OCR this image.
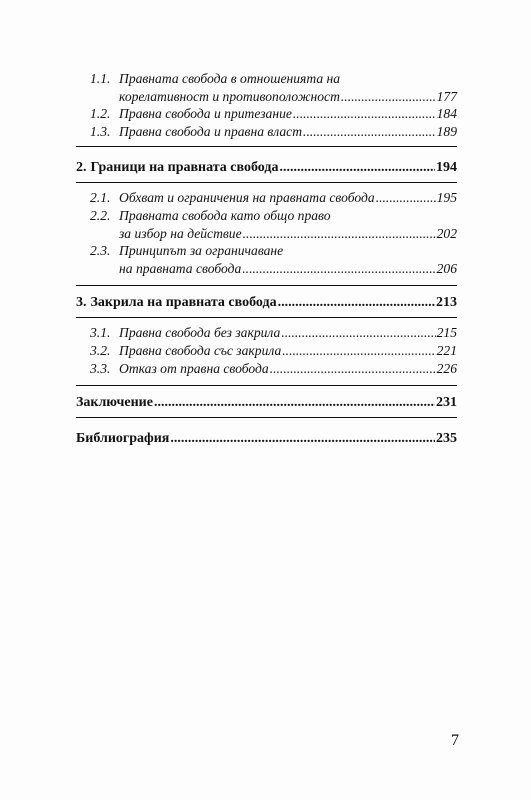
1.1. Правната свобода в отношенията на
корелативност и противоположност .....	177
1.2. Правна свобода и притезание .....	184
1.3. Правна свобода и правна власт .....	189
2. Граници на правната свобода .....	194
2.1. Обхват и ограничения на правната свобода .....	195
2.2. Правната свобода като общо право
за избор на действие .....	202
2.3. Принципът за ограничаване
на правната свобода .....	206
3. Закрила на правната свобода .....	213
3.1. Правна свобода без закрила .....	215
3.2. Правна свобода със закрила .....	221
3.3. Отказ от правна свобода .....	226
Заключение .....	231
Библиография .....	235
7
